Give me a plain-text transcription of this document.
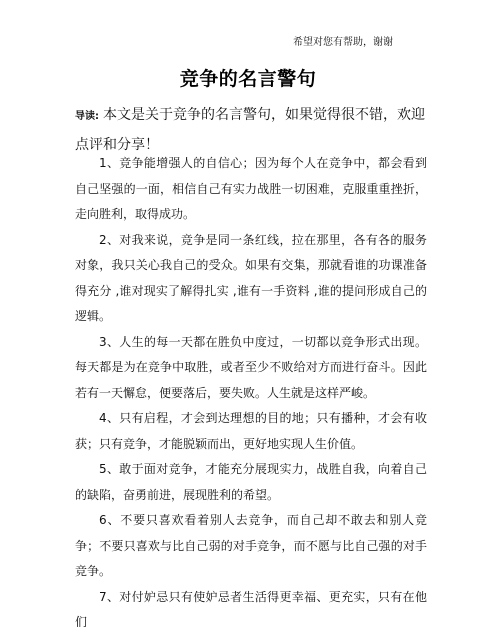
希望对您有帮助，谢谢
竞争的名言警句
导读: 本文是关于竞争的名言警句，如果觉得很不错，欢迎点评和分享！

1、竞争能增强人的自信心；因为每个人在竞争中，都会看到自己坚强的一面，相信自己有实力战胜一切困难，克服重重挫折，走向胜利，取得成功。

2、对我来说，竞争是同一条红线，拉在那里，各有各的服务对象，我只关心我自己的受众。如果有交集，那就看谁的功课准备得充分 ,谁对现实了解得扎实 ,谁有一手资料 ,谁的提问形成自己的逻辑。

3、人生的每一天都在胜负中度过，一切都以竞争形式出现。每天都是为在竞争中取胜，或者至少不败给对方而进行奋斗。因此若有一天懈怠，便要落后，要失败。人生就是这样严峻。

4、只有启程，才会到达理想的目的地；只有播种，才会有收获；只有竞争，才能脱颖而出，更好地实现人生价值。

5、敢于面对竞争，才能充分展现实力，战胜自我，向着自己的缺陷，奋勇前进，展现胜利的希望。

6、不要只喜欢看着别人去竞争，而自己却不敢去和别人竞争；不要只喜欢与比自己弱的对手竞争，而不愿与比自己强的对手竞争。

7、对付妒忌只有使妒忌者生活得更幸福、更充实，只有在他们
